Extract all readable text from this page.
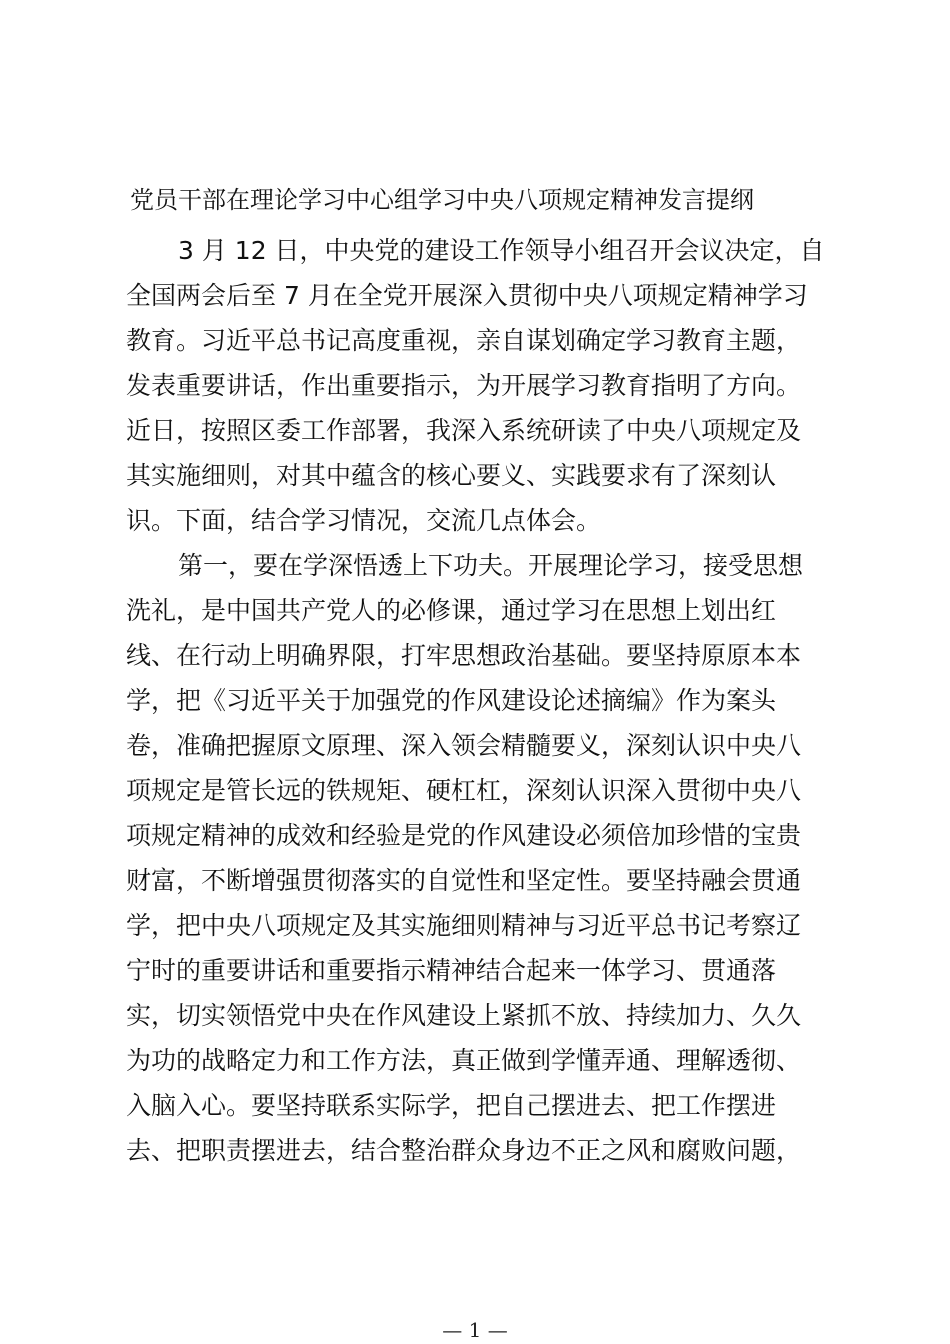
党员干部在理论学习中心组学习中央八项规定精神发言提纲
3 月 12 日，中央党的建设工作领导小组召开会议决定，自
全国两会后至 7 月在全党开展深入贯彻中央八项规定精神学习
教育。习近平总书记高度重视，亲自谋划确定学习教育主题，
发表重要讲话，作出重要指示，为开展学习教育指明了方向。
近日，按照区委工作部署，我深入系统研读了中央八项规定及
其实施细则，对其中蕴含的核心要义、实践要求有了深刻认
识。下面，结合学习情况，交流几点体会。
第一，要在学深悟透上下功夫。开展理论学习，接受思想
洗礼，是中国共产党人的必修课，通过学习在思想上划出红
线、在行动上明确界限，打牢思想政治基础。要坚持原原本本
学，把《习近平关于加强党的作风建设论述摘编》作为案头
卷，准确把握原文原理、深入领会精髓要义，深刻认识中央八
项规定是管长远的铁规矩、硬杠杠，深刻认识深入贯彻中央八
项规定精神的成效和经验是党的作风建设必须倍加珍惜的宝贵
财富，不断增强贯彻落实的自觉性和坚定性。要坚持融会贯通
学，把中央八项规定及其实施细则精神与习近平总书记考察辽
宁时的重要讲话和重要指示精神结合起来一体学习、贯通落
实，切实领悟党中央在作风建设上紧抓不放、持续加力、久久
为功的战略定力和工作方法，真正做到学懂弄通、理解透彻、
入脑入心。要坚持联系实际学，把自己摆进去、把工作摆进
去、把职责摆进去，结合整治群众身边不正之风和腐败问题，
— 1 —
